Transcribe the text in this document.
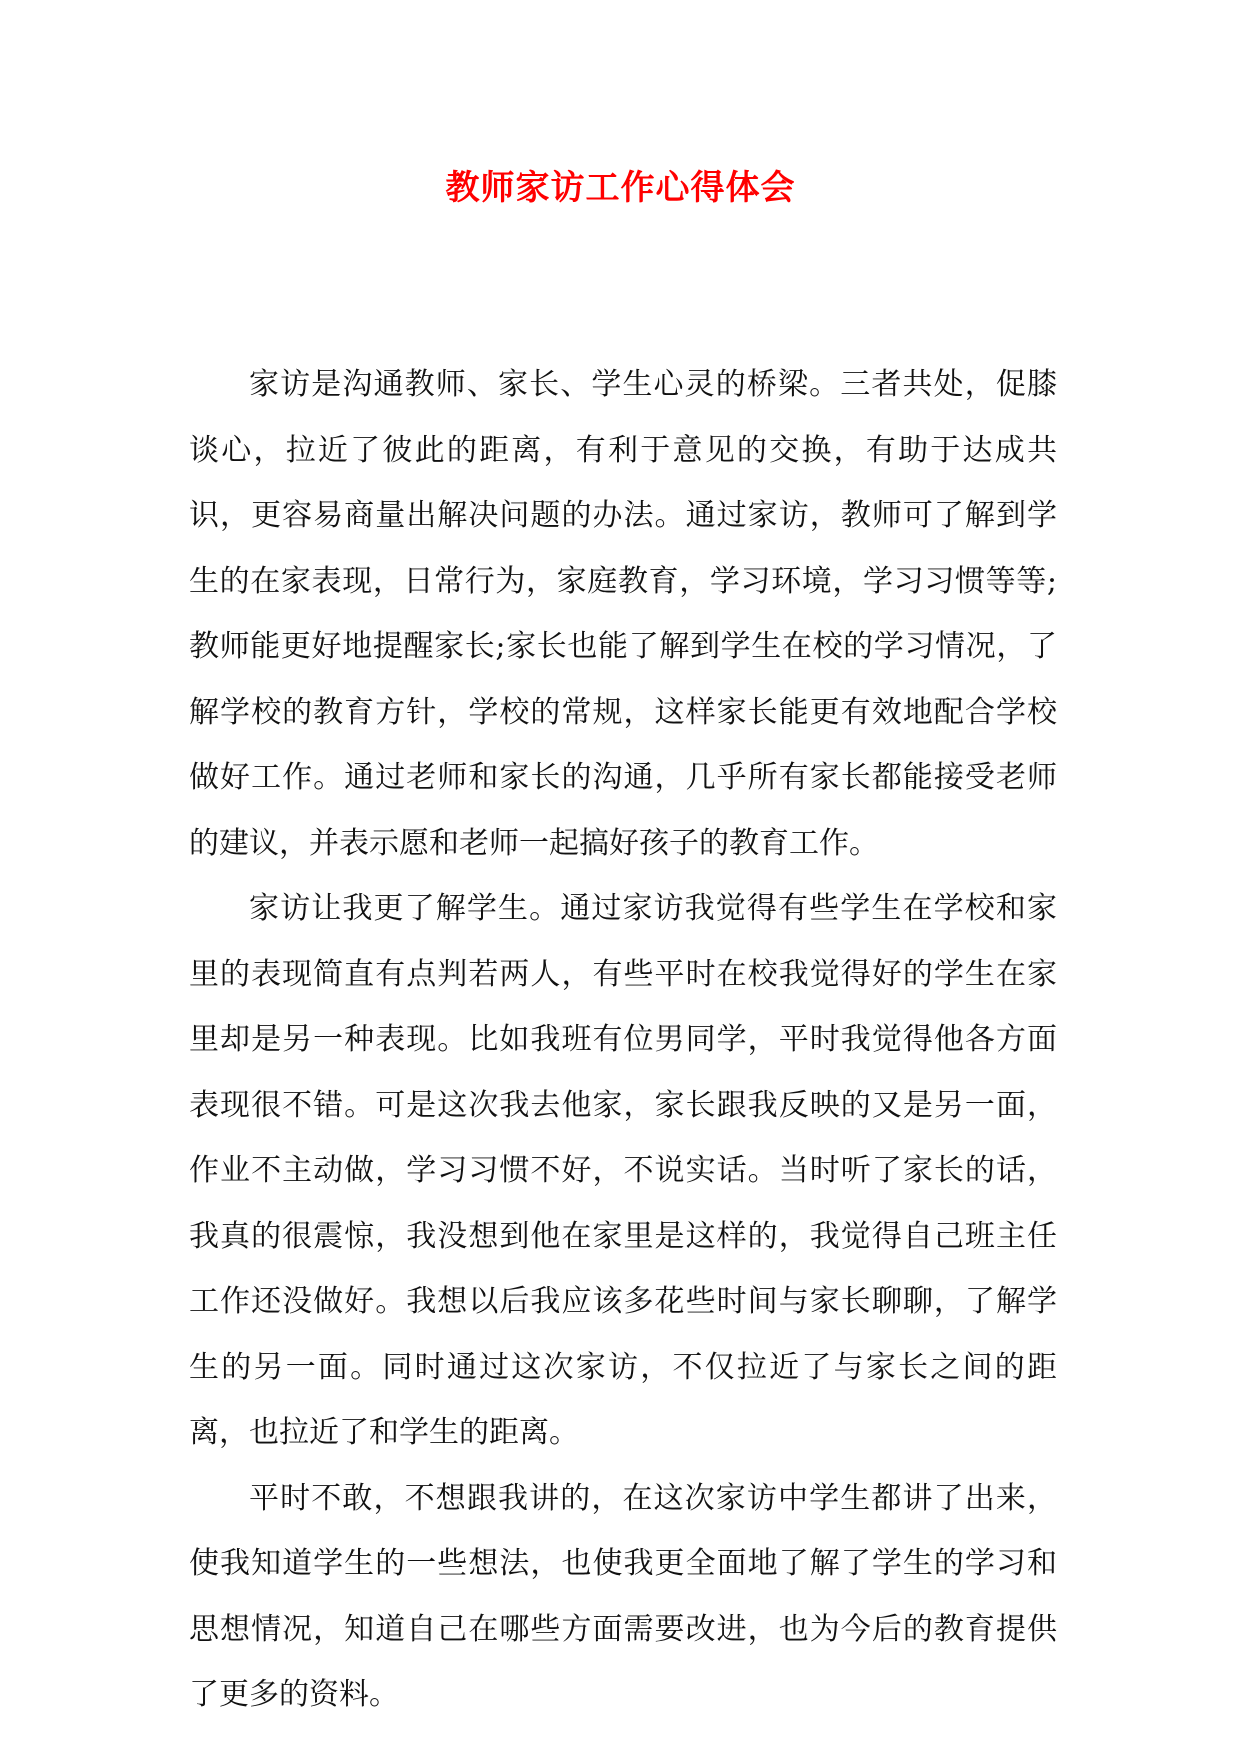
教师家访工作心得体会

家访是沟通教师、家长、学生心灵的桥梁。三者共处，促膝谈心，拉近了彼此的距离，有利于意见的交换，有助于达成共识，更容易商量出解决问题的办法。通过家访，教师可了解到学生的在家表现，日常行为，家庭教育，学习环境，学习习惯等等;教师能更好地提醒家长;家长也能了解到学生在校的学习情况，了解学校的教育方针，学校的常规，这样家长能更有效地配合学校做好工作。通过老师和家长的沟通，几乎所有家长都能接受老师的建议，并表示愿和老师一起搞好孩子的教育工作。

家访让我更了解学生。通过家访我觉得有些学生在学校和家里的表现简直有点判若两人，有些平时在校我觉得好的学生在家里却是另一种表现。比如我班有位男同学，平时我觉得他各方面表现很不错。可是这次我去他家，家长跟我反映的又是另一面，作业不主动做，学习习惯不好，不说实话。当时听了家长的话，我真的很震惊，我没想到他在家里是这样的，我觉得自己班主任工作还没做好。我想以后我应该多花些时间与家长聊聊，了解学生的另一面。同时通过这次家访，不仅拉近了与家长之间的距离，也拉近了和学生的距离。

平时不敢，不想跟我讲的，在这次家访中学生都讲了出来，使我知道学生的一些想法，也使我更全面地了解了学生的学习和思想情况，知道自己在哪些方面需要改进，也为今后的教育提供了更多的资料。
